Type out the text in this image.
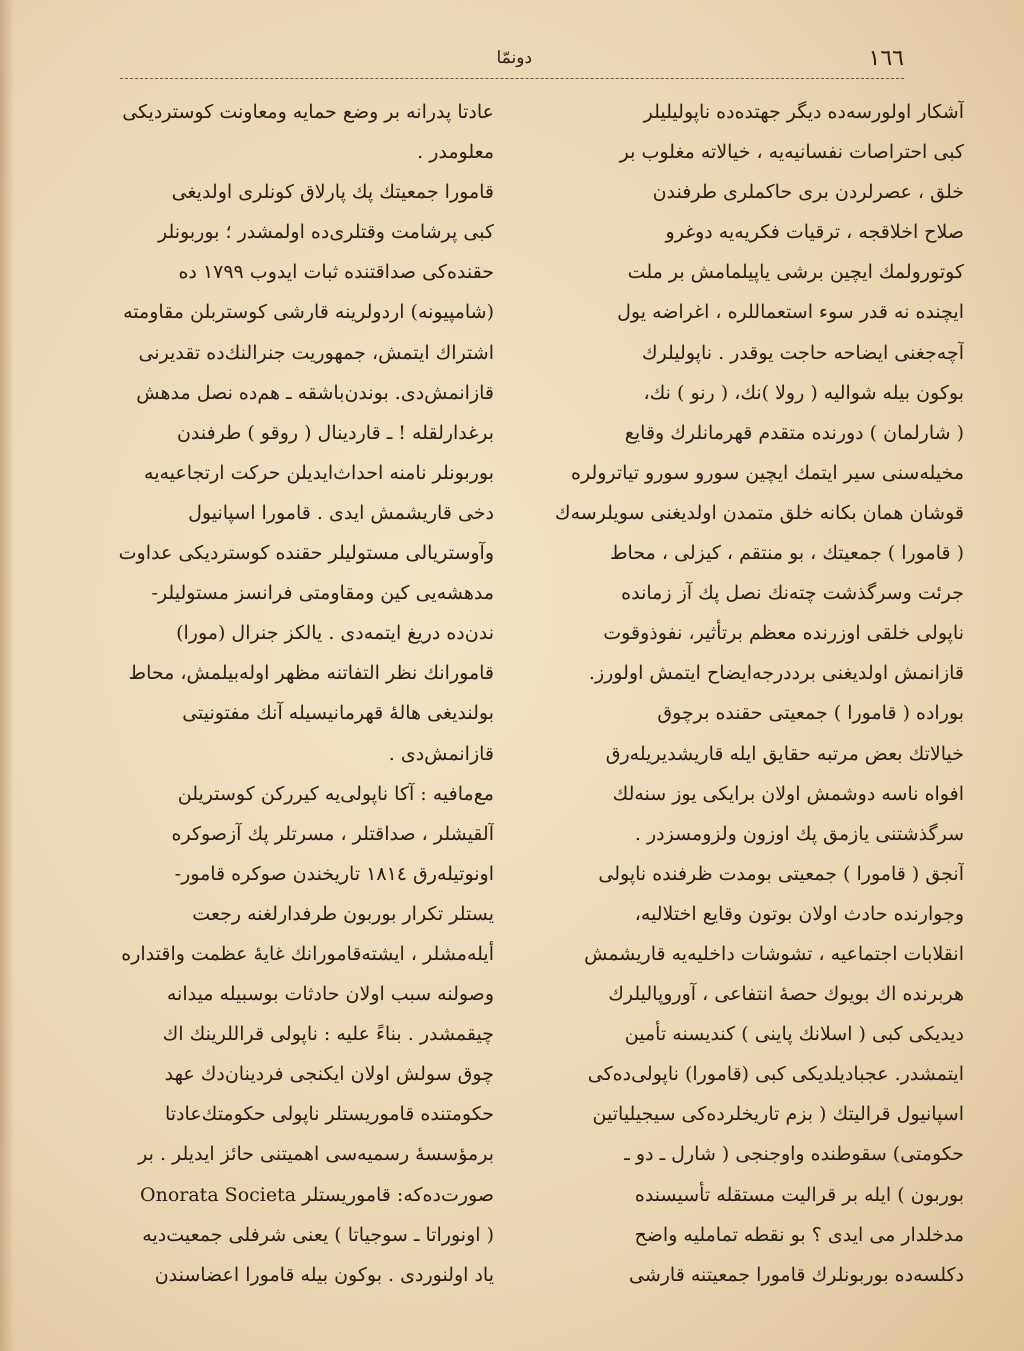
١٦٦
دونمّا
آشكار اولورسه‌ده دیگر جهتده‌ده ناپولیلیلر
كبی احتراصات نفسانیه‌یه ، خیالاته مغلوب بر
خلق ، عصرلردن بری حاكملری طرفندن
صلاح اخلاقجه ، ترقیات فكریه‌یه دوغرو
كوتورولمك ایچین برشی یاپیلمامش بر ملت
ایچنده نه قدر سوء استعماللره ، اغراضه یول
آچه‌جغنی ایضاحه حاجت یوقدر . ناپولیلرك
بوكون بیله شوالیه ( رولا )نك، ( رنو ) نك،
( شارلمان ) دورنده متقدم قهرمانلرك وقایع
مخیله‌سنی سیر ایتمك ایچین سورو سورو تیاترولره
قوشان همان بكانه خلق متمدن اولدیغنی سویلرسه‌ك
( قامورا ) جمعیتك ، بو منتقم ، كیزلی ، محاط
جرئت وسرگذشت چته‌نك نصل پك آز زمانده
ناپولی خلقی اوزرنده معظم برتأثیر، نفوذوقوت
قازانمش اولدیغنی برددرجه‌ایضاح ایتمش اولورز.
بوراده ( قامورا ) جمعیتی حقنده برچوق
خیالاتك بعض مرتبه حقایق ایله قاریشدیریله‌رق
افواه ناسه دوشمش اولان برایكی یوز سنه‌لك
سرگذشتنی یازمق پك اوزون ولزومسزدر .
آنجق ( قامورا ) جمعیتی بومدت ظرفنده ناپولی
وجوارنده حادث اولان بوتون وقایع اختلالیه،
انقلابات اجتماعیه ، تشوشات داخلیه‌یه قاریشمش
هربرنده اك بویوك حصهٔ انتفاعی ، آوروپالیلرك
دیدیكی كبی ( اسلانك پاینی ) كندیسنه تأمین
ایتمشدر. عجبادیلدیكی كبی (قامورا) ناپولی‌ده‌كی
اسپانیول قرالیتك ( بزم تاریخلرده‌كی سیجیلیاتین
حكومتی) سقوطنده واوجنجی ( شارل ـ دو ـ
بوربون ) ایله بر قرالیت مستقله تأسیسنده
مدخلدار می ایدی ؟ بو نقطه تماملیه واضح
دكلسه‌ده بوربونلرك قامورا جمعیتنه قارشی
عادتا پدرانه بر وضع حمایه ومعاونت كوستردیكی
معلومدر .
قامورا جمعیتك پك پارلاق كونلری اولدیغی
كبی پرشامت وقتلری‌ده اولمشدر ؛ بوربونلر
حقنده‌كی صداقتنده ثبات ایدوب ١٧٩٩ ده
(شامپیونه) اردولرینه قارشی كوستربلن مقاومته
اشتراك ایتمش، جمهوریت جنرالنك‌ده تقدیرنی
قازانمش‌دی. بوندن‌باشقه ـ هم‌ده نصل مدهش
برغدارلقله ! ـ قاردینال ( روقو ) طرفندن
بوربونلر نامنه احداث‌ایدیلن حركت ارتجاعیه‌یه
دخی قاریشمش ایدی . قامورا اسپانیول
وآوستریالی مستولیلر حقنده كوستردیكی عداوت
مدهشه‌یی كین ومقاومتی فرانسز مستولیلر-
ندن‌ده دریغ ایتمه‌دی . یالكز جنرال (مورا)
قامورانك نظر التفاتنه مظهر اوله‌بیلمش، محاط
بولندیغی هالهٔ قهرمانیسیله آنك مفتونیتی
قازانمش‌دی .
مع‌مافیه : آكا ناپولی‌یه كیرركن كوستریلن
آلقیشلر ، صداقتلر ، مسرتلر پك آزصوكره
اونوتیله‌رق ١٨١٤ تاریخندن صوكره قامور-
یستلر تكرار بوربون طرفدارلغنه رجعت
أیله‌مشلر ، ایشته‌قامورانك غایهٔ عظمت واقتداره
وصولنه سبب اولان حادثات بوسبیله میدانه
چیقمشدر . بناءً علیه : ناپولی قراللرینك اك
چوق سولش اولان ایكنجی فردینان‌دك عهد
حكومتنده قاموریستلر ناپولی حكومتك‌عادتا
برمؤسسهٔ رسمیه‌سی اهمیتنی حائز ایدیلر . بر
صورت‌ده‌كه: قاموریستلر Onorata Societa
( اونوراتا ـ سوجیاتا ) یعنی شرفلی جمعیت‌دیه
یاد اولنوردی . بوكون بیله قامورا اعضاسندن
